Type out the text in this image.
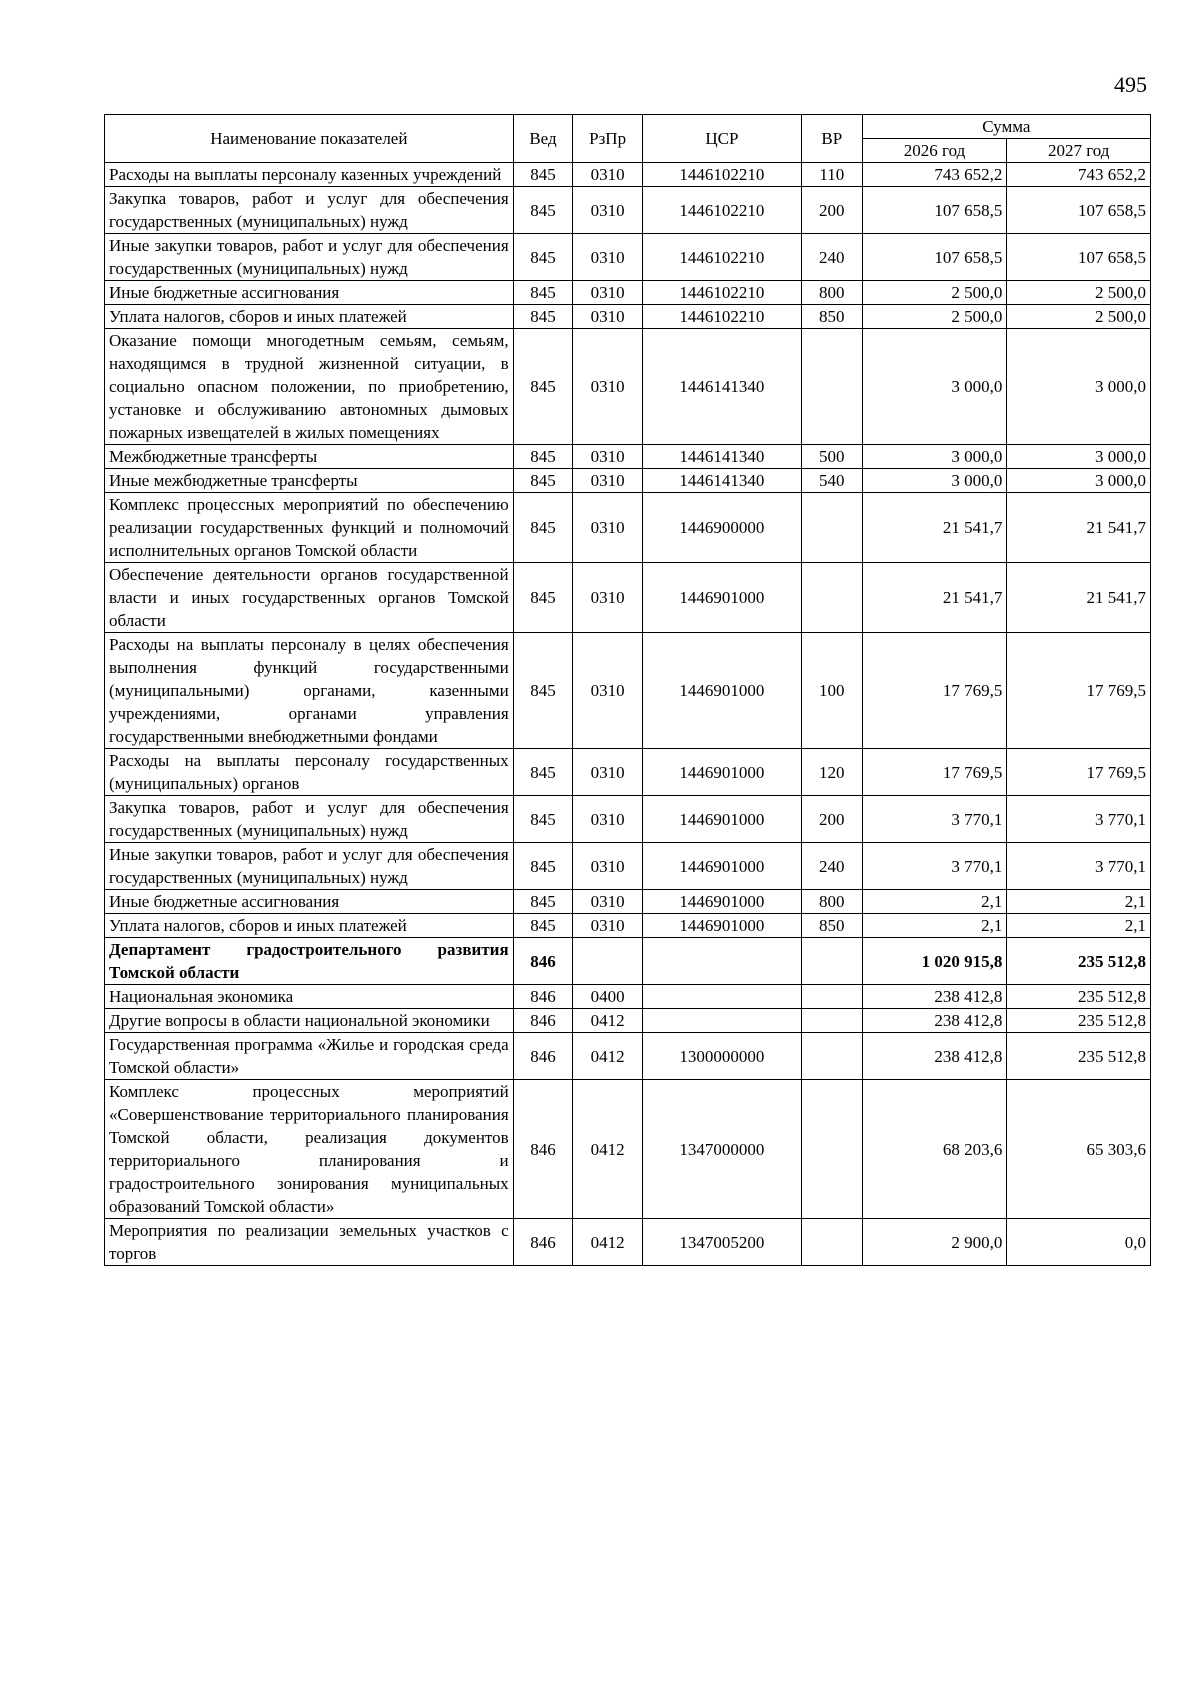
495
Наименование показателей	Вед	РзПр	ЦСР	ВР	Сумма	
					2026 год	2027 год
Расходы на выплаты персоналу казенных учреждений	845	0310	1446102210	110	743 652,2	743 652,2
Закупка товаров, работ и услуг для обеспечения государственных (муниципальных) нужд	845	0310	1446102210	200	107 658,5	107 658,5
Иные закупки товаров, работ и услуг для обеспечения государственных (муниципальных) нужд	845	0310	1446102210	240	107 658,5	107 658,5
Иные бюджетные ассигнования	845	0310	1446102210	800	2 500,0	2 500,0
Уплата налогов, сборов и иных платежей	845	0310	1446102210	850	2 500,0	2 500,0
Оказание помощи многодетным семьям, семьям, находящимся в трудной жизненной ситуации, в социально опасном положении, по приобретению, установке и обслуживанию автономных дымовых пожарных извещателей в жилых помещениях	845	0310	1446141340		3 000,0	3 000,0
Межбюджетные трансферты	845	0310	1446141340	500	3 000,0	3 000,0
Иные межбюджетные трансферты	845	0310	1446141340	540	3 000,0	3 000,0
Комплекс процессных мероприятий по обеспечению реализации государственных функций и полномочий исполнительных органов Томской области	845	0310	1446900000		21 541,7	21 541,7
Обеспечение деятельности органов государственной власти и иных государственных органов Томской области	845	0310	1446901000		21 541,7	21 541,7
Расходы на выплаты персоналу в целях обеспечения выполнения функций государственными (муниципальными) органами, казенными учреждениями, органами управления государственными внебюджетными фондами	845	0310	1446901000	100	17 769,5	17 769,5
Расходы на выплаты персоналу государственных (муниципальных) органов	845	0310	1446901000	120	17 769,5	17 769,5
Закупка товаров, работ и услуг для обеспечения государственных (муниципальных) нужд	845	0310	1446901000	200	3 770,1	3 770,1
Иные закупки товаров, работ и услуг для обеспечения государственных (муниципальных) нужд	845	0310	1446901000	240	3 770,1	3 770,1
Иные бюджетные ассигнования	845	0310	1446901000	800	2,1	2,1
Уплата налогов, сборов и иных платежей	845	0310	1446901000	850	2,1	2,1
Департамент градостроительного развития Томской области	846				1 020 915,8	235 512,8
Национальная экономика	846	0400			238 412,8	235 512,8
Другие вопросы в области национальной экономики	846	0412			238 412,8	235 512,8
Государственная программа «Жилье и городская среда Томской области»	846	0412	1300000000		238 412,8	235 512,8
Комплекс процессных мероприятий «Совершенствование территориального планирования Томской области, реализация документов территориального планирования и градостроительного зонирования муниципальных образований Томской области»	846	0412	1347000000		68 203,6	65 303,6
Мероприятия по реализации земельных участков с торгов	846	0412	1347005200		2 900,0	0,0
